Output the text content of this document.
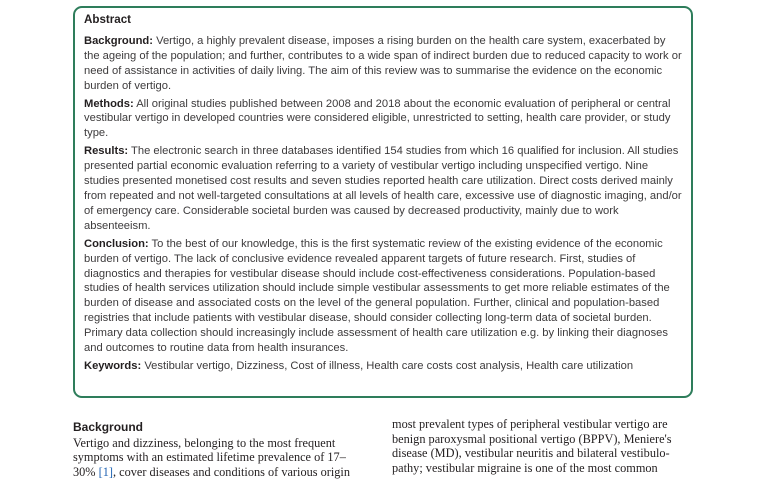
Abstract
Background: Vertigo, a highly prevalent disease, imposes a rising burden on the health care system, exacerbated by the ageing of the population; and further, contributes to a wide span of indirect burden due to reduced capacity to work or need of assistance in activities of daily living. The aim of this review was to summarise the evidence on the economic burden of vertigo.
Methods: All original studies published between 2008 and 2018 about the economic evaluation of peripheral or central vestibular vertigo in developed countries were considered eligible, unrestricted to setting, health care provider, or study type.
Results: The electronic search in three databases identified 154 studies from which 16 qualified for inclusion. All studies presented partial economic evaluation referring to a variety of vestibular vertigo including unspecified vertigo. Nine studies presented monetised cost results and seven studies reported health care utilization. Direct costs derived mainly from repeated and not well-targeted consultations at all levels of health care, excessive use of diagnostic imaging, and/or of emergency care. Considerable societal burden was caused by decreased productivity, mainly due to work absenteeism.
Conclusion: To the best of our knowledge, this is the first systematic review of the existing evidence of the economic burden of vertigo. The lack of conclusive evidence revealed apparent targets of future research. First, studies of diagnostics and therapies for vestibular disease should include cost-effectiveness considerations. Population-based studies of health services utilization should include simple vestibular assessments to get more reliable estimates of the burden of disease and associated costs on the level of the general population. Further, clinical and population-based registries that include patients with vestibular disease, should consider collecting long-term data of societal burden. Primary data collection should increasingly include assessment of health care utilization e.g. by linking their diagnoses and outcomes to routine data from health insurances.
Keywords: Vestibular vertigo, Dizziness, Cost of illness, Health care costs cost analysis, Health care utilization
Background
Vertigo and dizziness, belonging to the most frequent
symptoms with an estimated lifetime prevalence of 17–
30% [1], cover diseases and conditions of various origin
most prevalent types of peripheral vestibular vertigo are
benign paroxysmal positional vertigo (BPPV), Meniere's
disease (MD), vestibular neuritis and bilateral vestibulo-
pathy; vestibular migraine is one of the most common
